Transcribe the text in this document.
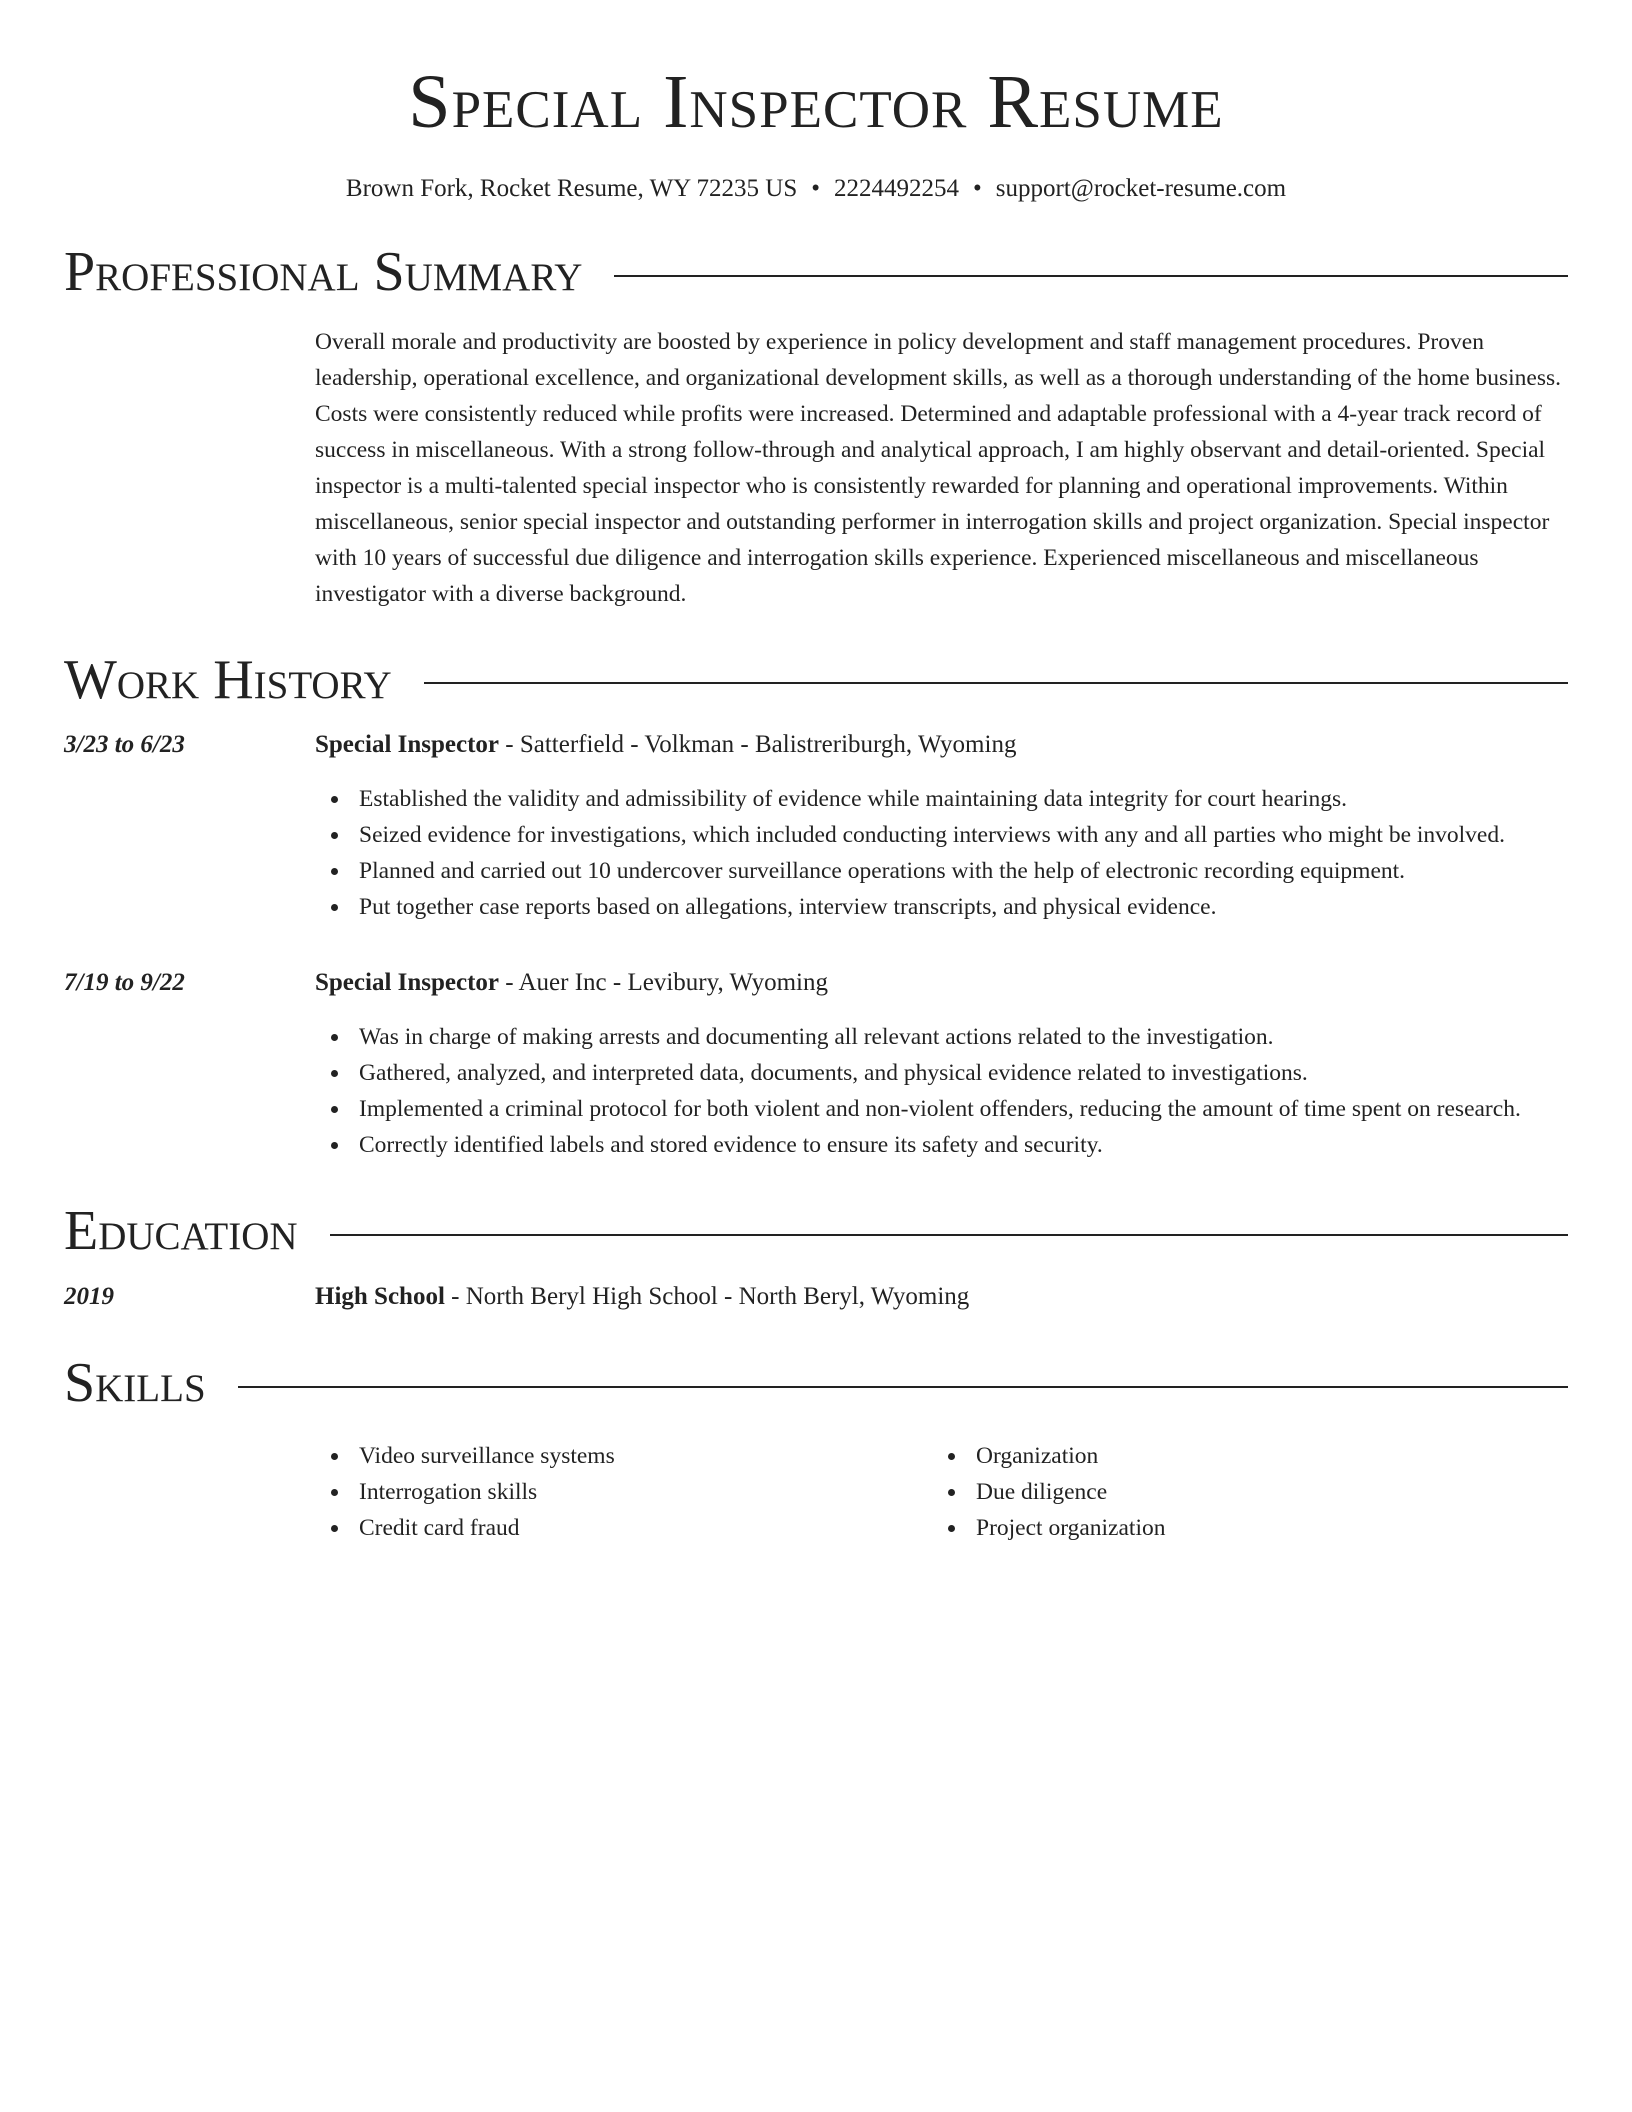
Special Inspector Resume
Brown Fork, Rocket Resume, WY 72235 US • 2224492254 • support@rocket-resume.com
Professional Summary
Overall morale and productivity are boosted by experience in policy development and staff management procedures. Proven leadership, operational excellence, and organizational development skills, as well as a thorough understanding of the home business. Costs were consistently reduced while profits were increased. Determined and adaptable professional with a 4-year track record of success in miscellaneous. With a strong follow-through and analytical approach, I am highly observant and detail-oriented. Special inspector is a multi-talented special inspector who is consistently rewarded for planning and operational improvements. Within miscellaneous, senior special inspector and outstanding performer in interrogation skills and project organization. Special inspector with 10 years of successful due diligence and interrogation skills experience. Experienced miscellaneous and miscellaneous investigator with a diverse background.
Work History
3/23 to 6/23	Special Inspector - Satterfield - Volkman - Balistreriburgh, Wyoming
Established the validity and admissibility of evidence while maintaining data integrity for court hearings.
Seized evidence for investigations, which included conducting interviews with any and all parties who might be involved.
Planned and carried out 10 undercover surveillance operations with the help of electronic recording equipment.
Put together case reports based on allegations, interview transcripts, and physical evidence.
7/19 to 9/22	Special Inspector - Auer Inc - Levibury, Wyoming
Was in charge of making arrests and documenting all relevant actions related to the investigation.
Gathered, analyzed, and interpreted data, documents, and physical evidence related to investigations.
Implemented a criminal protocol for both violent and non-violent offenders, reducing the amount of time spent on research.
Correctly identified labels and stored evidence to ensure its safety and security.
Education
2019	High School - North Beryl High School - North Beryl, Wyoming
Skills
Video surveillance systems
Interrogation skills
Credit card fraud
Organization
Due diligence
Project organization
